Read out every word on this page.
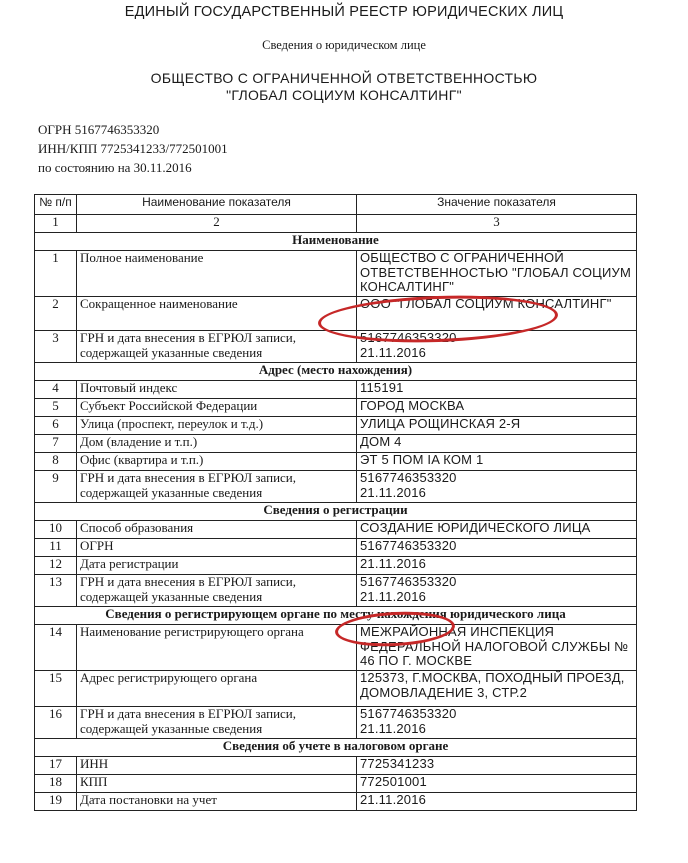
ЕДИНЫЙ ГОСУДАРСТВЕННЫЙ РЕЕСТР ЮРИДИЧЕСКИХ ЛИЦ
Сведения о юридическом лице
ОБЩЕСТВО С ОГРАНИЧЕННОЙ ОТВЕТСТВЕННОСТЬЮ "ГЛОБАЛ СОЦИУМ КОНСАЛТИНГ"
ОГРН 5167746353320
ИНН/КПП 7725341233/772501001
по состоянию на 30.11.2016
№ п/п	Наименование показателя	Значение показателя
1	2	3
Наименование		
1	Полное наименование	ОБЩЕСТВО С ОГРАНИЧЕННОЙ ОТВЕТСТВЕННОСТЬЮ "ГЛОБАЛ СОЦИУМ КОНСАЛТИНГ"
2	Сокращенное наименование	ООО "ГЛОБАЛ СОЦИУМ КОНСАЛТИНГ"
3	ГРН и дата внесения в ЕГРЮЛ записи, содержащей указанные сведения	5167746353320
21.11.2016

Адрес (место нахождения)		
4	Почтовый индекс	115191
5	Субъект Российской Федерации	ГОРОД МОСКВА
6	Улица (проспект, переулок и т.д.)	УЛИЦА РОЩИНСКАЯ 2-Я
7	Дом (владение и т.п.)	ДОМ 4
8	Офис (квартира и т.п.)	ЭТ 5 ПОМ IA КОМ 1
9	ГРН и дата внесения в ЕГРЮЛ записи, содержащей указанные сведения	5167746353320
21.11.2016

Сведения о регистрации		
10	Способ образования	СОЗДАНИЕ ЮРИДИЧЕСКОГО ЛИЦА
11	ОГРН	5167746353320
12	Дата регистрации	21.11.2016
13	ГРН и дата внесения в ЕГРЮЛ записи, содержащей указанные сведения	5167746353320
21.11.2016

Сведения о регистрирующем органе по месту нахождения юридического лица		
14	Наименование регистрирующего органа	МЕЖРАЙОННАЯ ИНСПЕКЦИЯ ФЕДЕРАЛЬНОЙ НАЛОГОВОЙ СЛУЖБЫ № 46 ПО Г. МОСКВЕ
15	Адрес регистрирующего органа	125373, Г.МОСКВА, ПОХОДНЫЙ ПРОЕЗД, ДОМОВЛАДЕНИЕ 3, СТР.2
16	ГРН и дата внесения в ЕГРЮЛ записи, содержащей указанные сведения	5167746353320
21.11.2016

Сведения об учете в налоговом органе		
17	ИНН	7725341233
18	КПП	772501001
19	Дата постановки на учет	21.11.2016
